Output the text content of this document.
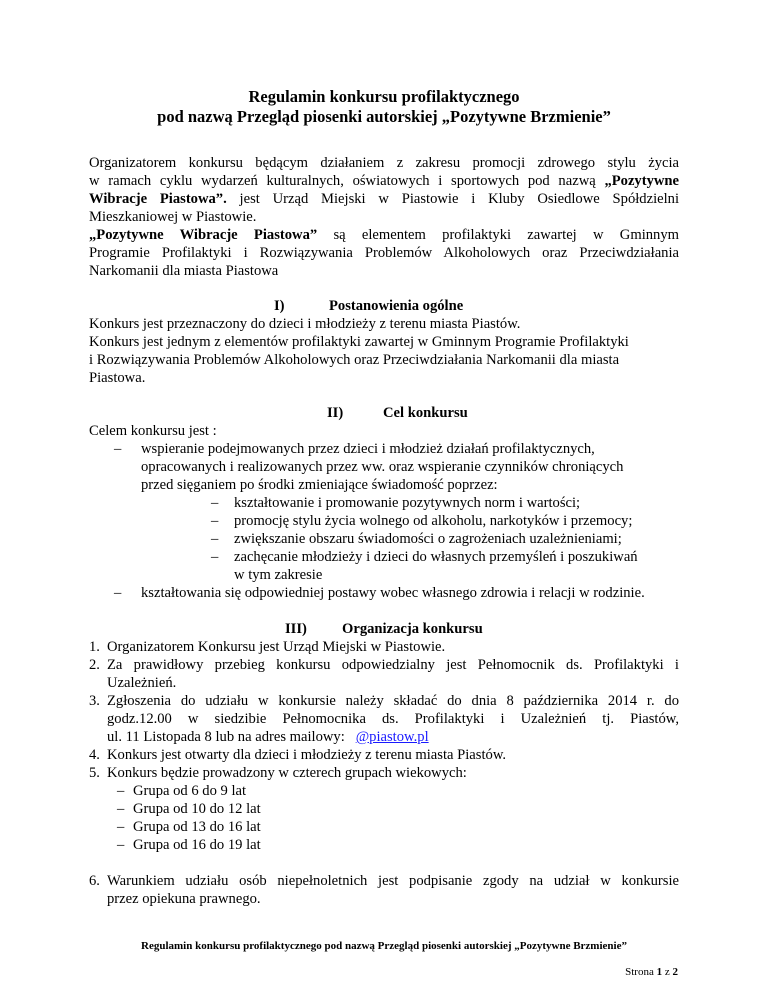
Regulamin konkursu profilaktycznego
pod nazwą Przegląd piosenki autorskiej „Pozytywne Brzmienie”
Organizatorem konkursu będącym działaniem z zakresu promocji zdrowego stylu życia
w ramach cyklu wydarzeń kulturalnych, oświatowych i sportowych pod nazwą „Pozytywne
Wibracje Piastowa”. jest Urząd Miejski w Piastowie i Kluby Osiedlowe Spółdzielni
Mieszkaniowej w Piastowie.
„Pozytywne Wibracje Piastowa” są elementem profilaktyki zawartej w Gminnym
Programie Profilaktyki i Rozwiązywania Problemów Alkoholowych oraz Przeciwdziałania
Narkomanii dla miasta Piastowa
I)	Postanowienia ogólne
Konkurs jest przeznaczony do dzieci i młodzieży z terenu miasta Piastów.
Konkurs jest jednym z elementów profilaktyki zawartej w Gminnym Programie Profilaktyki
i Rozwiązywania Problemów Alkoholowych oraz Przeciwdziałania Narkomanii dla miasta
Piastowa.
II)	Cel konkursu
Celem konkursu jest :
– wspieranie podejmowanych przez dzieci i młodzież działań profilaktycznych,
opracowanych i realizowanych przez ww. oraz wspieranie czynników chroniących
przed sięganiem po środki zmieniające świadomość poprzez:
– kształtowanie i promowanie pozytywnych norm i wartości;
– promocję stylu życia wolnego od alkoholu, narkotyków i przemocy;
– zwiększanie obszaru świadomości o zagrożeniach uzależnieniami;
– zachęcanie młodzieży i dzieci do własnych przemyśleń i poszukiwań
w tym zakresie
– kształtowania się odpowiedniej postawy wobec własnego zdrowia i relacji w rodzinie.
III) Organizacja konkursu
1. Organizatorem Konkursu jest Urząd Miejski w Piastowie.
2. Za prawidłowy przebieg konkursu odpowiedzialny jest Pełnomocnik ds. Profilaktyki i
Uzależnień.
3. Zgłoszenia do udziału w konkursie należy składać do dnia 8 października 2014 r. do
godz.12.00 w siedzibie Pełnomocnika ds. Profilaktyki i Uzależnień tj. Piastów,
ul. 11 Listopada 8 lub na adres mailowy: @piastow.pl
4. Konkurs jest otwarty dla dzieci i młodzieży z terenu miasta Piastów.
5. Konkurs będzie prowadzony w czterech grupach wiekowych:
– Grupa od 6 do 9 lat
– Grupa od 10 do 12 lat
– Grupa od 13 do 16 lat
– Grupa od 16 do 19 lat
6. Warunkiem udziału osób niepełnoletnich jest podpisanie zgody na udział w konkursie
przez opiekuna prawnego.
Regulamin konkursu profilaktycznego pod nazwą Przegląd piosenki autorskiej „Pozytywne Brzmienie”
Strona 1 z 2
